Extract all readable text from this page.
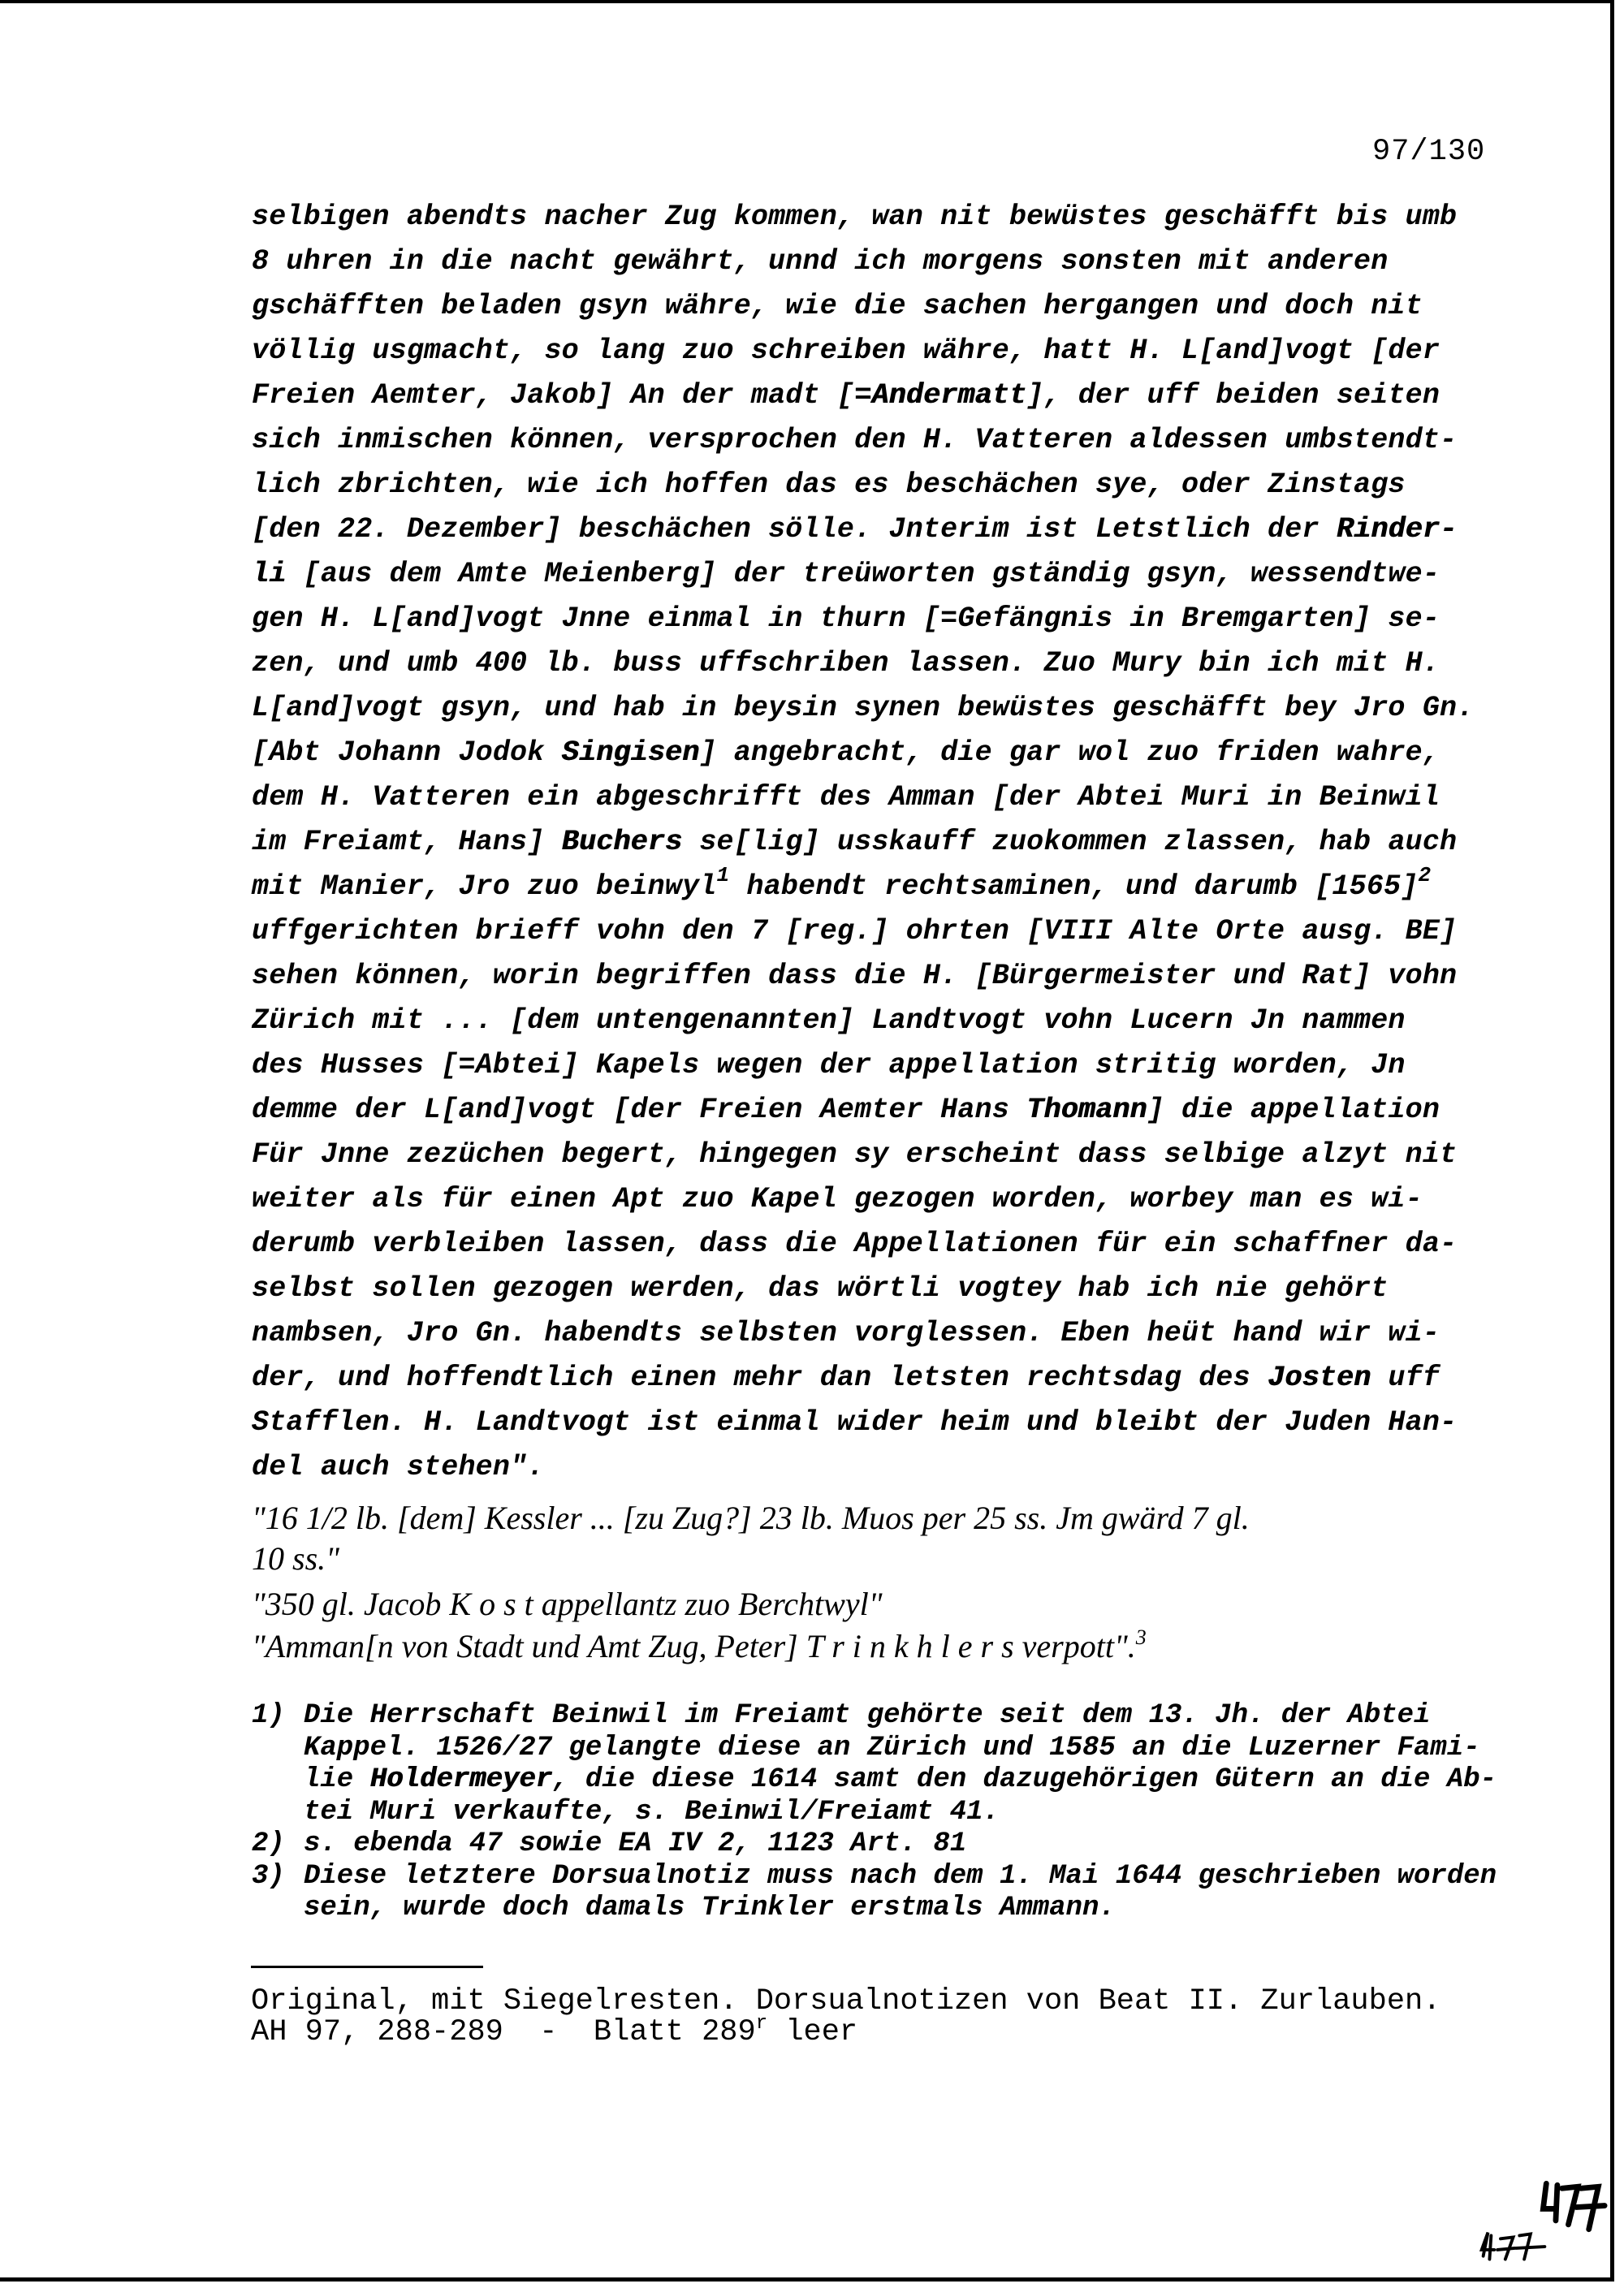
97/130
selbigen abendts nacher Zug kommen, wan nit bewüstes geschäfft bis umb
8 uhren in die nacht gewährt, unnd ich morgens sonsten mit anderen
gschäfften beladen gsyn währe, wie die sachen hergangen und doch nit
völlig usgmacht, so lang zuo schreiben währe, hatt H. L[and]vogt [der
Freien Aemter, Jakob] An der madt [=Andermatt], der uff beiden seiten
sich inmischen können, versprochen den H. Vatteren aldessen umbstendt-
lich zbrichten, wie ich hoffen das es beschächen sye, oder Zinstags
[den 22. Dezember] beschächen sölle. Jnterim ist Letstlich der Rinder-
li [aus dem Amte Meienberg] der treüworten gständig gsyn, wessendtwe-
gen H. L[and]vogt Jnne einmal in thurn [=Gefängnis in Bremgarten] se-
zen, und umb 400 lb. buss uffschriben lassen. Zuo Mury bin ich mit H.
L[and]vogt gsyn, und hab in beysin synen bewüstes geschäfft bey Jro Gn.
[Abt Johann Jodok Singisen] angebracht, die gar wol zuo friden wahre,
dem H. Vatteren ein abgeschrifft des Amman [der Abtei Muri in Beinwil
im Freiamt, Hans] Buchers se[lig] usskauff zuokommen zlassen, hab auch
mit Manier, Jro zuo beinwyl$^1$ habendt rechtsaminen, und darumb $[1565]^2$
uffgerichten brieff vohn den 7 [reg.] ohrten [VIII Alte Orte ausg. BE]
sehen können, worin begriffen dass die H. [Bürgermeister und Rat] vohn
Zürich mit ... [dem untengenannten] Landtvogt vohn Lucern Jn nammen
des Husses [=Abtei] Kapels wegen der appellation stritig worden, Jn
demme der L[and]vogt [der Freien Aemter Hans Thomann] die appellation
Für Jnne zezüchen begert, hingegen sy erscheint dass selbige alzyt nit
weiter als für einen Apt zuo Kapel gezogen worden, worbey man es wi-
derumb verbleiben lassen, dass die Appellationen für ein schaffner da-
selbst sollen gezogen werden, das wörtli vogtey hab ich nie gehört
nambsen, Jro Gn. habendts selbsten vorglessen. Eben heüt hand wir wi-
der, und hoffendtlich einen mehr dan letsten rechtsdag des Josten uff
Stafflen. H. Landtvogt ist einmal wider heim und bleibt der Juden Han-
del auch stehen".
"16 1/2 lb. [dem] Kessler ... [zu Zug?] 23 lb. Muos per 25 ss. Jm gwärd 7 gl.
10 ss."
"350 gl. Jacob K o s t appellantz zuo Berchtwyl"
"Amman[n von Stadt und Amt Zug, Peter] T r i n k h l e r s verpott".$^3$
1) Die Herrschaft Beinwil im Freiamt gehörte seit dem 13. Jh. der Abtei
Kappel. 1526/27 gelangte diese an Zürich und 1585 an die Luzerner Fami-
lie Holdermeyer, die diese 1614 samt den dazugehörigen Gütern an die Ab-
tei Muri verkaufte, s. Beinwil/Freiamt 41.
2) s. ebenda 47 sowie EA IV 2, 1123 Art. 81
3) Diese letztere Dorsualnotiz muss nach dem 1. Mai 1644 geschrieben worden
sein, wurde doch damals Trinkler erstmals Ammann.
Original, mit Siegelresten. Dorsualnotizen von Beat II. Zurlauben.
AH 97, 288-289  -  Blatt 289$^r$ leer
